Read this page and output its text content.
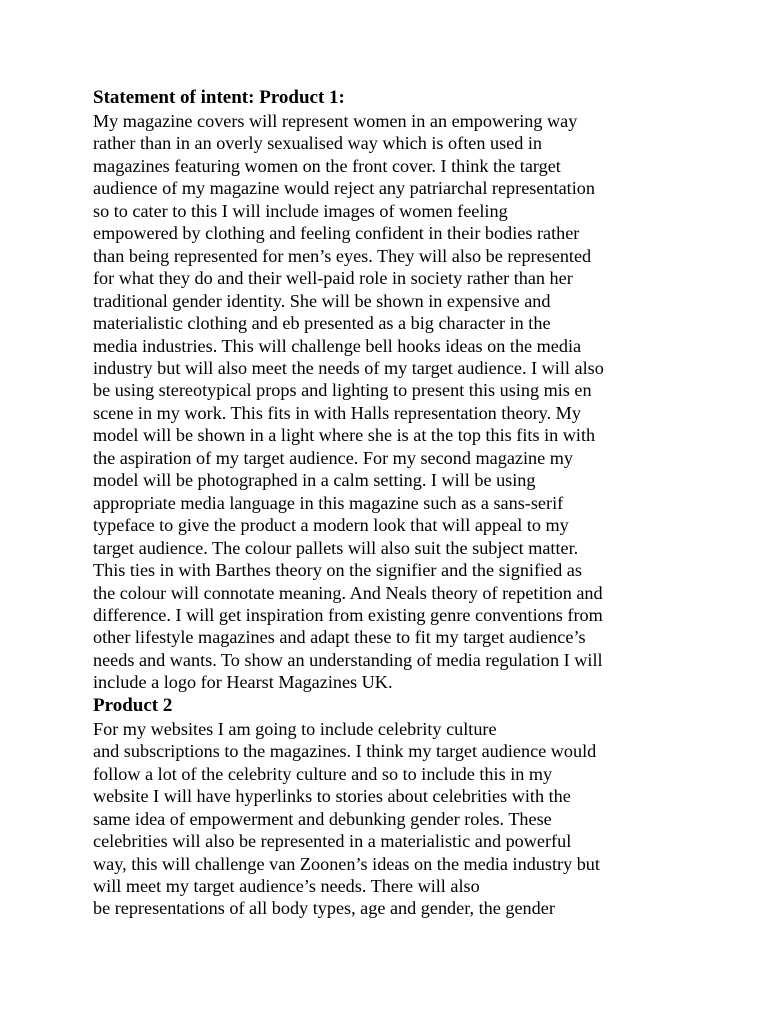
Statement of intent: Product 1:

My magazine covers will represent women in an empowering way

rather than in an overly sexualised way which is often used in

magazines featuring women on the front cover. I think the target

audience of my magazine would reject any patriarchal representation

so to cater to this I will include images of women feeling

empowered by clothing and feeling confident in their bodies rather

than being represented for men’s eyes. They will also be represented

for what they do and their well-paid role in society rather than her

traditional gender identity. She will be shown in expensive and

materialistic clothing and eb presented as a big character in the

media industries. This will challenge bell hooks ideas on the media

industry but will also meet the needs of my target audience. I will also

be using stereotypical props and lighting to present this using mis en

scene in my work. This fits in with Halls representation theory. My

model will be shown in a light where she is at the top this fits in with

the aspiration of my target audience. For my second magazine my

model will be photographed in a calm setting. I will be using

appropriate media language in this magazine such as a sans-serif

typeface to give the product a modern look that will appeal to my

target audience. The colour pallets will also suit the subject matter.

This ties in with Barthes theory on the signifier and the signified as

the colour will connotate meaning. And Neals theory of repetition and

difference. I will get inspiration from existing genre conventions from

other lifestyle magazines and adapt these to fit my target audience’s

needs and wants. To show an understanding of media regulation I will

include a logo for Hearst Magazines UK.

Product 2

For my websites I am going to include celebrity culture

and subscriptions to the magazines. I think my target audience would

follow a lot of the celebrity culture and so to include this in my

website I will have hyperlinks to stories about celebrities with the

same idea of empowerment and debunking gender roles. These

celebrities will also be represented in a materialistic and powerful

way, this will challenge van Zoonen’s ideas on the media industry but

will meet my target audience’s needs. There will also

be representations of all body types, age and gender, the gender
